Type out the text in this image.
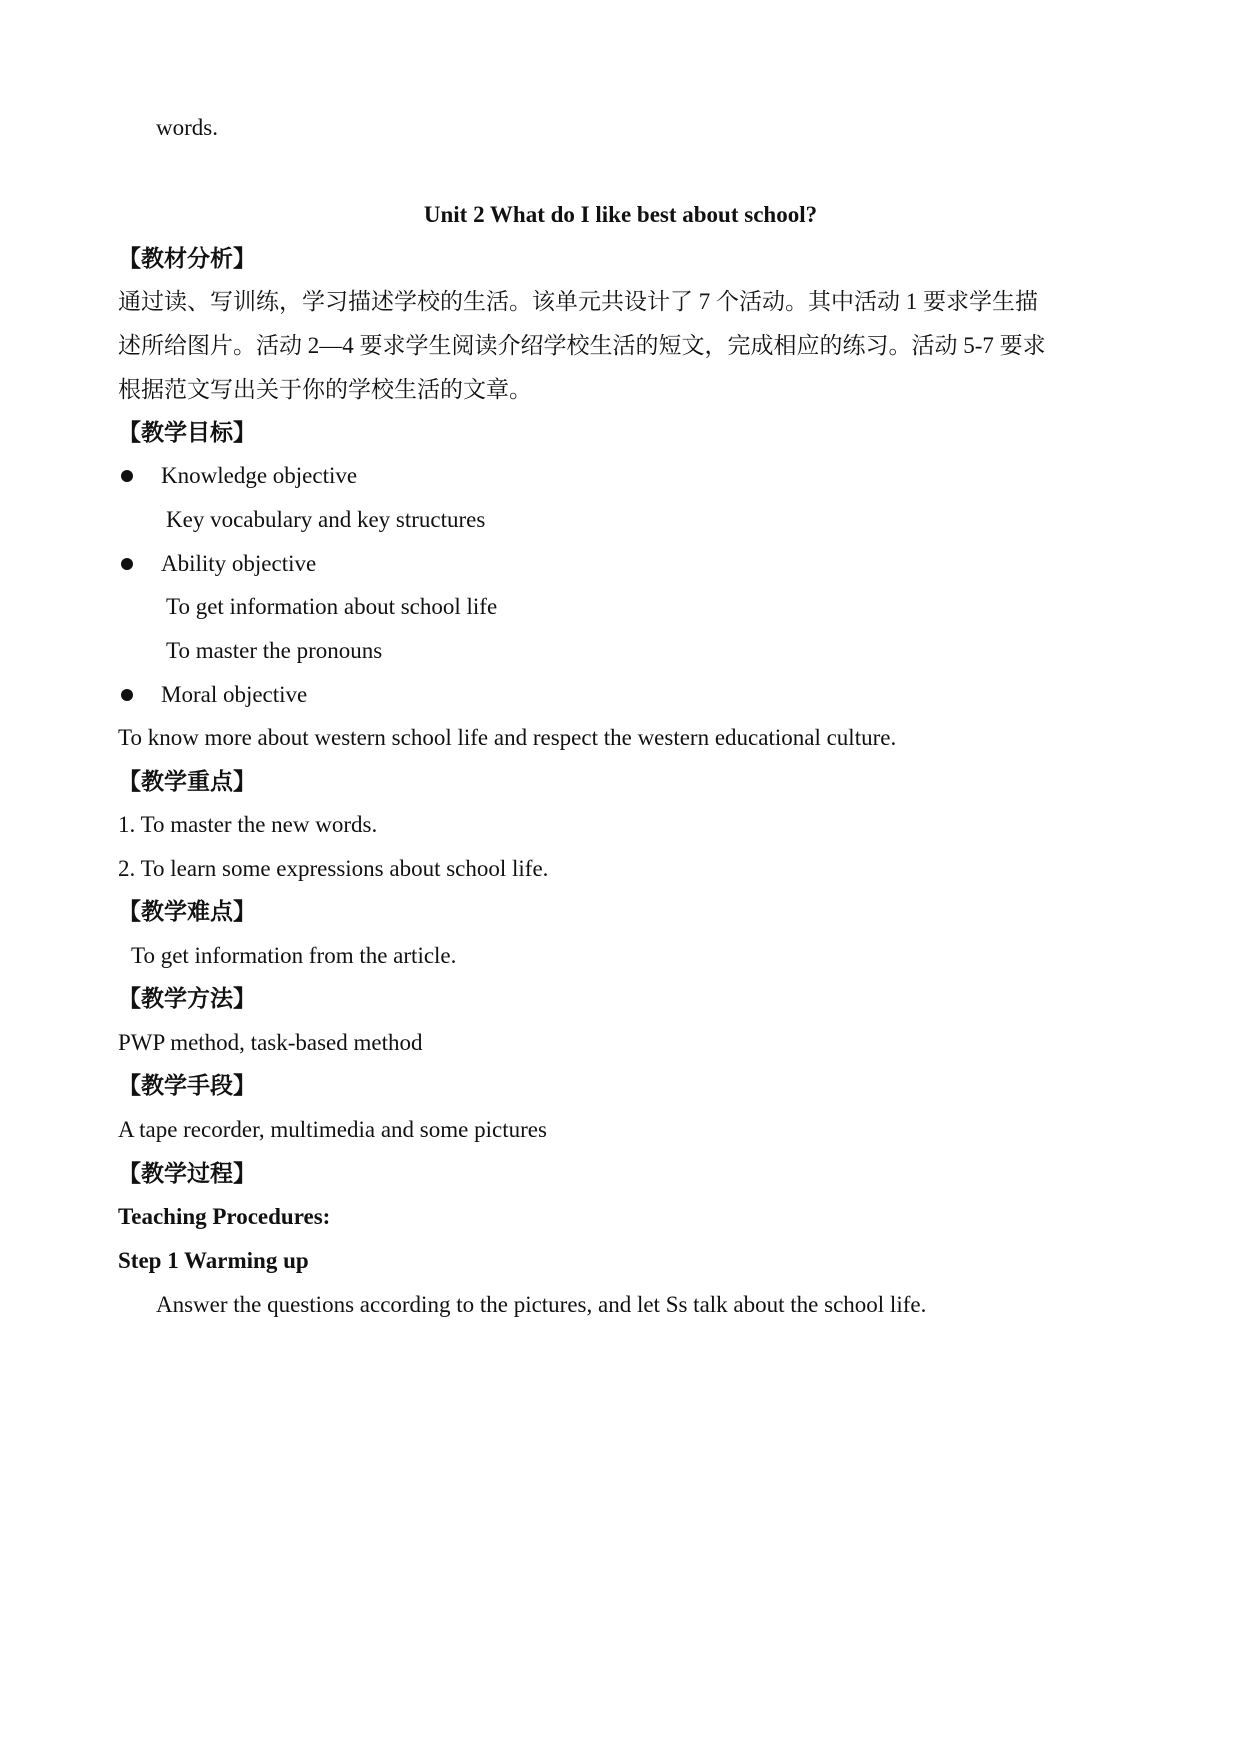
words.
Unit 2 What do I like best about school?
【教材分析】
通过读、写训练，学习描述学校的生活。该单元共设计了 7 个活动。其中活动 1 要求学生描
述所给图片。活动 2—4 要求学生阅读介绍学校生活的短文，完成相应的练习。活动 5-7 要求
根据范文写出关于你的学校生活的文章。
【教学目标】
Knowledge objective
Key vocabulary and key structures
Ability objective
To get information about school life
To master the pronouns
Moral objective
To know more about western school life and respect the western educational culture.
【教学重点】
1. To master the new words.
2. To learn some expressions about school life.
【教学难点】
To get information from the article.
【教学方法】
PWP method, task-based method
【教学手段】
A tape recorder, multimedia and some pictures
【教学过程】
Teaching Procedures:
Step 1 Warming up
Answer the questions according to the pictures, and let Ss talk about the school life.
